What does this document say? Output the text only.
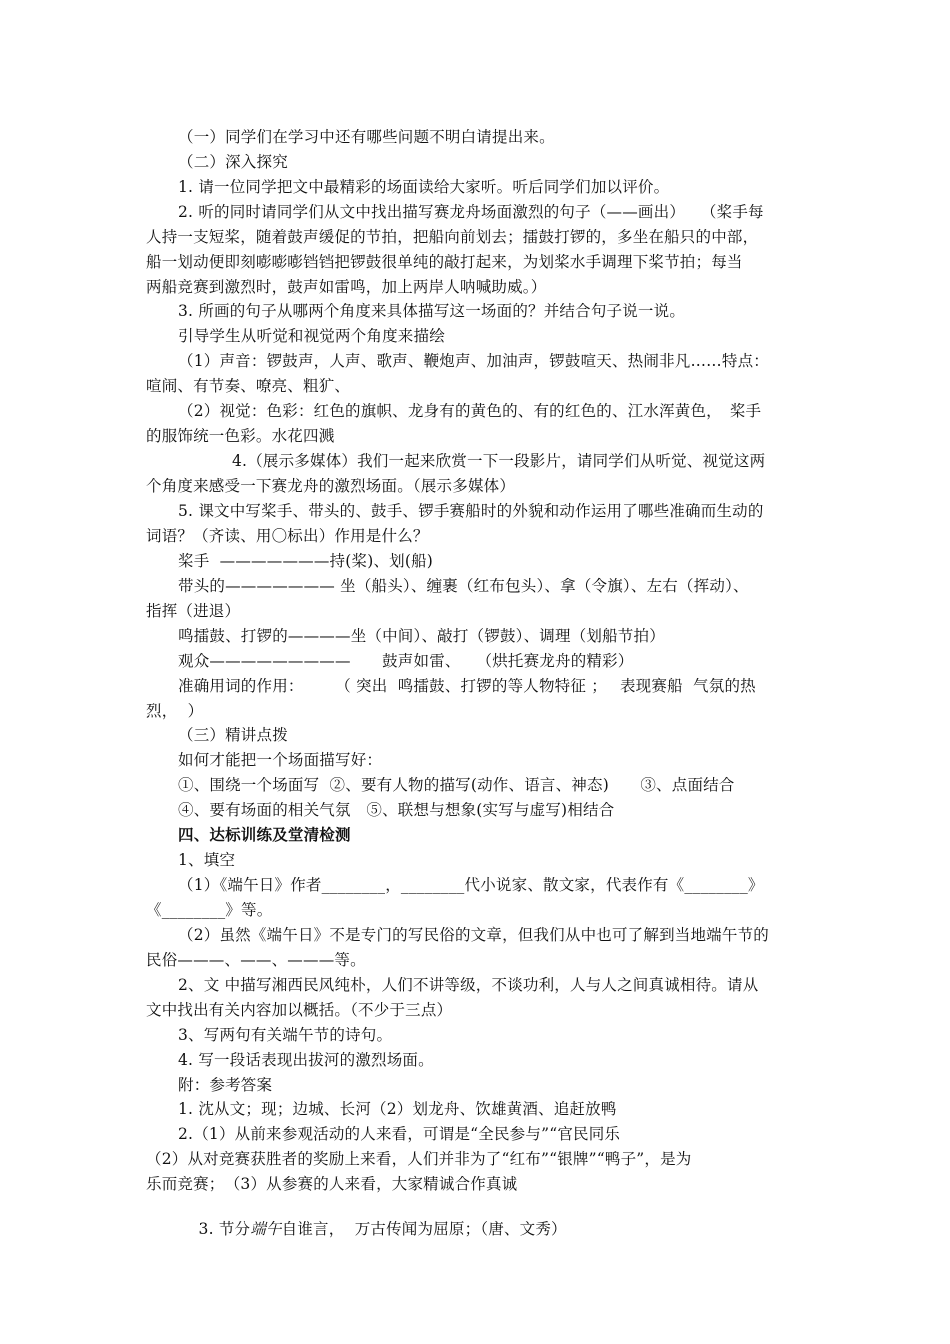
（一）同学们在学习中还有哪些问题不明白请提出来。
（二）深入探究
1. 请一位同学把文中最精彩的场面读给大家听。听后同学们加以评价。
2. 听的同时请同学们从文中找出描写赛龙舟场面激烈的句子（——画出）　　（桨手每
人持一支短桨，随着鼓声缓促的节拍，把船向前划去；擂鼓打锣的，多坐在船只的中部，
船一划动便即刻嘭嘭嘭铛铛把锣鼓很单纯的敲打起来，为划桨水手调理下桨节拍；每当
两船竞赛到激烈时，鼓声如雷鸣，加上两岸人呐喊助威。）
3. 所画的句子从哪两个角度来具体描写这一场面的？并结合句子说一说。
引导学生从听觉和视觉两个角度来描绘
（1）声音：锣鼓声，人声、歌声、鞭炮声、加油声，锣鼓喧天、热闹非凡……特点：
喧闹、有节奏、嘹亮、粗犷、
（2）视觉：色彩：红色的旗帜、龙身有的黄色的、有的红色的、江水浑黄色，　桨手
的服饰统一色彩。水花四溅
4.（展示多媒体）我们一起来欣赏一下一段影片，请同学们从听觉、视觉这两
个角度来感受一下赛龙舟的激烈场面。（展示多媒体）
5. 课文中写桨手、带头的、鼓手、锣手赛船时的外貌和动作运用了哪些准确而生动的
词语？（齐读、用〇标出）作用是什么？
桨手  ———————持(桨)、划(船)
带头的——————— 坐（船头）、缠裹（红布包头）、拿（令旗）、左右（挥动）、
指挥（进退）
鸣擂鼓、打锣的————坐（中间）、敲打（锣鼓）、调理（划船节拍）
观众—————————　　鼓声如雷、　　（烘托赛龙舟的精彩）
准确用词的作用：　　　（ 突出  鸣擂鼓、打锣的等人物特征 ；　 表现赛船  气氛的热
烈，  ）
（三）精讲点拨
如何才能把一个场面描写好：
①、围绕一个场面写  ②、要有人物的描写(动作、语言、神态)　　③、点面结合
④、要有场面的相关气氛　⑤、联想与想象(实写与虚写)相结合
四、达标训练及堂清检测
1、填空
（1）《端午日》作者________，________代小说家、散文家，代表作有《________》
《________》等。
（2）虽然《端午日》不是专门的写民俗的文章，但我们从中也可了解到当地端午节的
民俗———、——、———等。
2、文 中描写湘西民风纯朴，人们不讲等级，不谈功利，人与人之间真诚相待。请从
文中找出有关内容加以概括。（不少于三点）
3、写两句有关端午节的诗句。
4. 写一段话表现出拔河的激烈场面。
附：参考答案
1. 沈从文；现；边城、长河（2）划龙舟、饮雄黄酒、追赶放鸭
2.（1）从前来参观活动的人来看，可谓是“全民参与”“官民同乐
（2）从对竞赛获胜者的奖励上来看，人们并非为了“红布”“银牌”“鸭子”，是为
乐而竞赛；　（3）从参赛的人来看，大家精诚合作真诚

3. 节分端午自谁言，  万古传闻为屈原；（唐、文秀）
